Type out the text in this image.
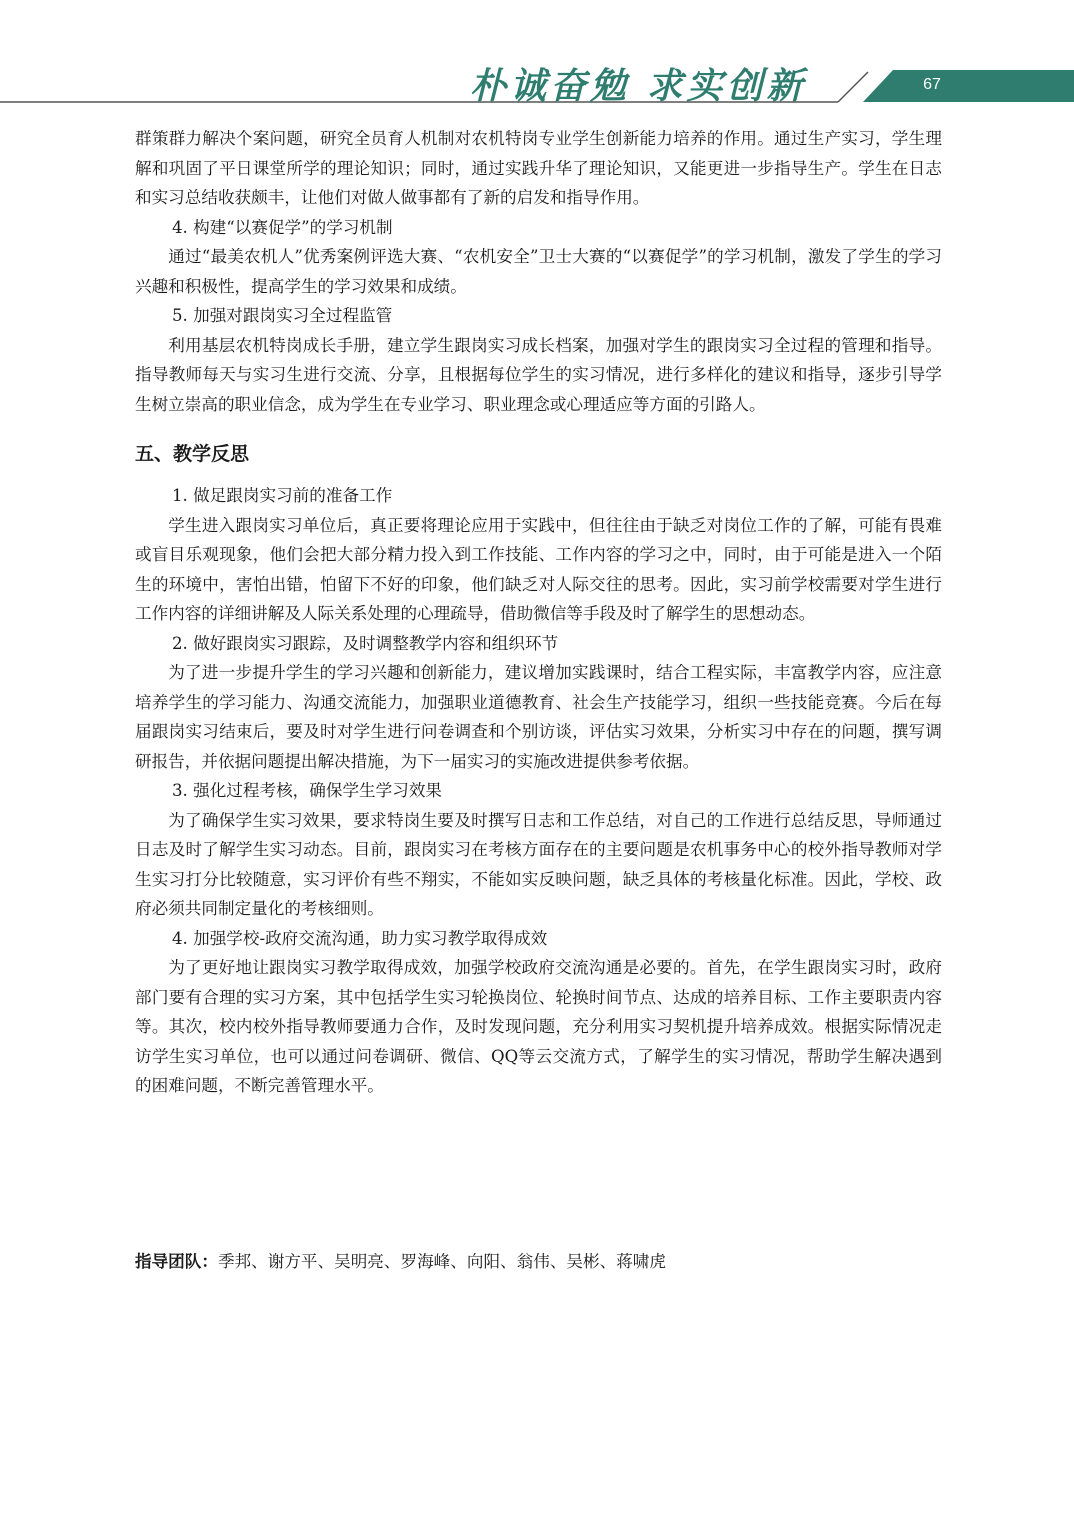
朴诚奋勉 求实创新	67

群策群力解决个案问题，研究全员育人机制对农机特岗专业学生创新能力培养的作用。通过生产实习，学生理解和巩固了平日课堂所学的理论知识；同时，通过实践升华了理论知识，又能更进一步指导生产。学生在日志和实习总结收获颇丰，让他们对做人做事都有了新的启发和指导作用。

4. 构建“以赛促学”的学习机制

通过“最美农机人”优秀案例评选大赛、“农机安全”卫士大赛的“以赛促学”的学习机制，激发了学生的学习兴趣和积极性，提高学生的学习效果和成绩。

5. 加强对跟岗实习全过程监管

利用基层农机特岗成长手册，建立学生跟岗实习成长档案，加强对学生的跟岗实习全过程的管理和指导。指导教师每天与实习生进行交流、分享，且根据每位学生的实习情况，进行多样化的建议和指导，逐步引导学生树立崇高的职业信念，成为学生在专业学习、职业理念或心理适应等方面的引路人。

五、教学反思

1. 做足跟岗实习前的准备工作

学生进入跟岗实习单位后，真正要将理论应用于实践中，但往往由于缺乏对岗位工作的了解，可能有畏难或盲目乐观现象，他们会把大部分精力投入到工作技能、工作内容的学习之中，同时，由于可能是进入一个陌生的环境中，害怕出错，怕留下不好的印象，他们缺乏对人际交往的思考。因此，实习前学校需要对学生进行工作内容的详细讲解及人际关系处理的心理疏导，借助微信等手段及时了解学生的思想动态。

2. 做好跟岗实习跟踪，及时调整教学内容和组织环节

为了进一步提升学生的学习兴趣和创新能力，建议增加实践课时，结合工程实际，丰富教学内容，应注意培养学生的学习能力、沟通交流能力，加强职业道德教育、社会生产技能学习，组织一些技能竞赛。今后在每届跟岗实习结束后，要及时对学生进行问卷调查和个别访谈，评估实习效果，分析实习中存在的问题，撰写调研报告，并依据问题提出解决措施，为下一届实习的实施改进提供参考依据。

3. 强化过程考核，确保学生学习效果

为了确保学生实习效果，要求特岗生要及时撰写日志和工作总结，对自己的工作进行总结反思，导师通过日志及时了解学生实习动态。目前，跟岗实习在考核方面存在的主要问题是农机事务中心的校外指导教师对学生实习打分比较随意，实习评价有些不翔实，不能如实反映问题，缺乏具体的考核量化标准。因此，学校、政府必须共同制定量化的考核细则。

4. 加强学校-政府交流沟通，助力实习教学取得成效

为了更好地让跟岗实习教学取得成效，加强学校政府交流沟通是必要的。首先，在学生跟岗实习时，政府部门要有合理的实习方案，其中包括学生实习轮换岗位、轮换时间节点、达成的培养目标、工作主要职责内容等。其次，校内校外指导教师要通力合作，及时发现问题，充分利用实习契机提升培养成效。根据实际情况走访学生实习单位，也可以通过问卷调研、微信、QQ等云交流方式，了解学生的实习情况，帮助学生解决遇到的困难问题，不断完善管理水平。

指导团队：季邦、谢方平、吴明亮、罗海峰、向阳、翁伟、吴彬、蒋啸虎
